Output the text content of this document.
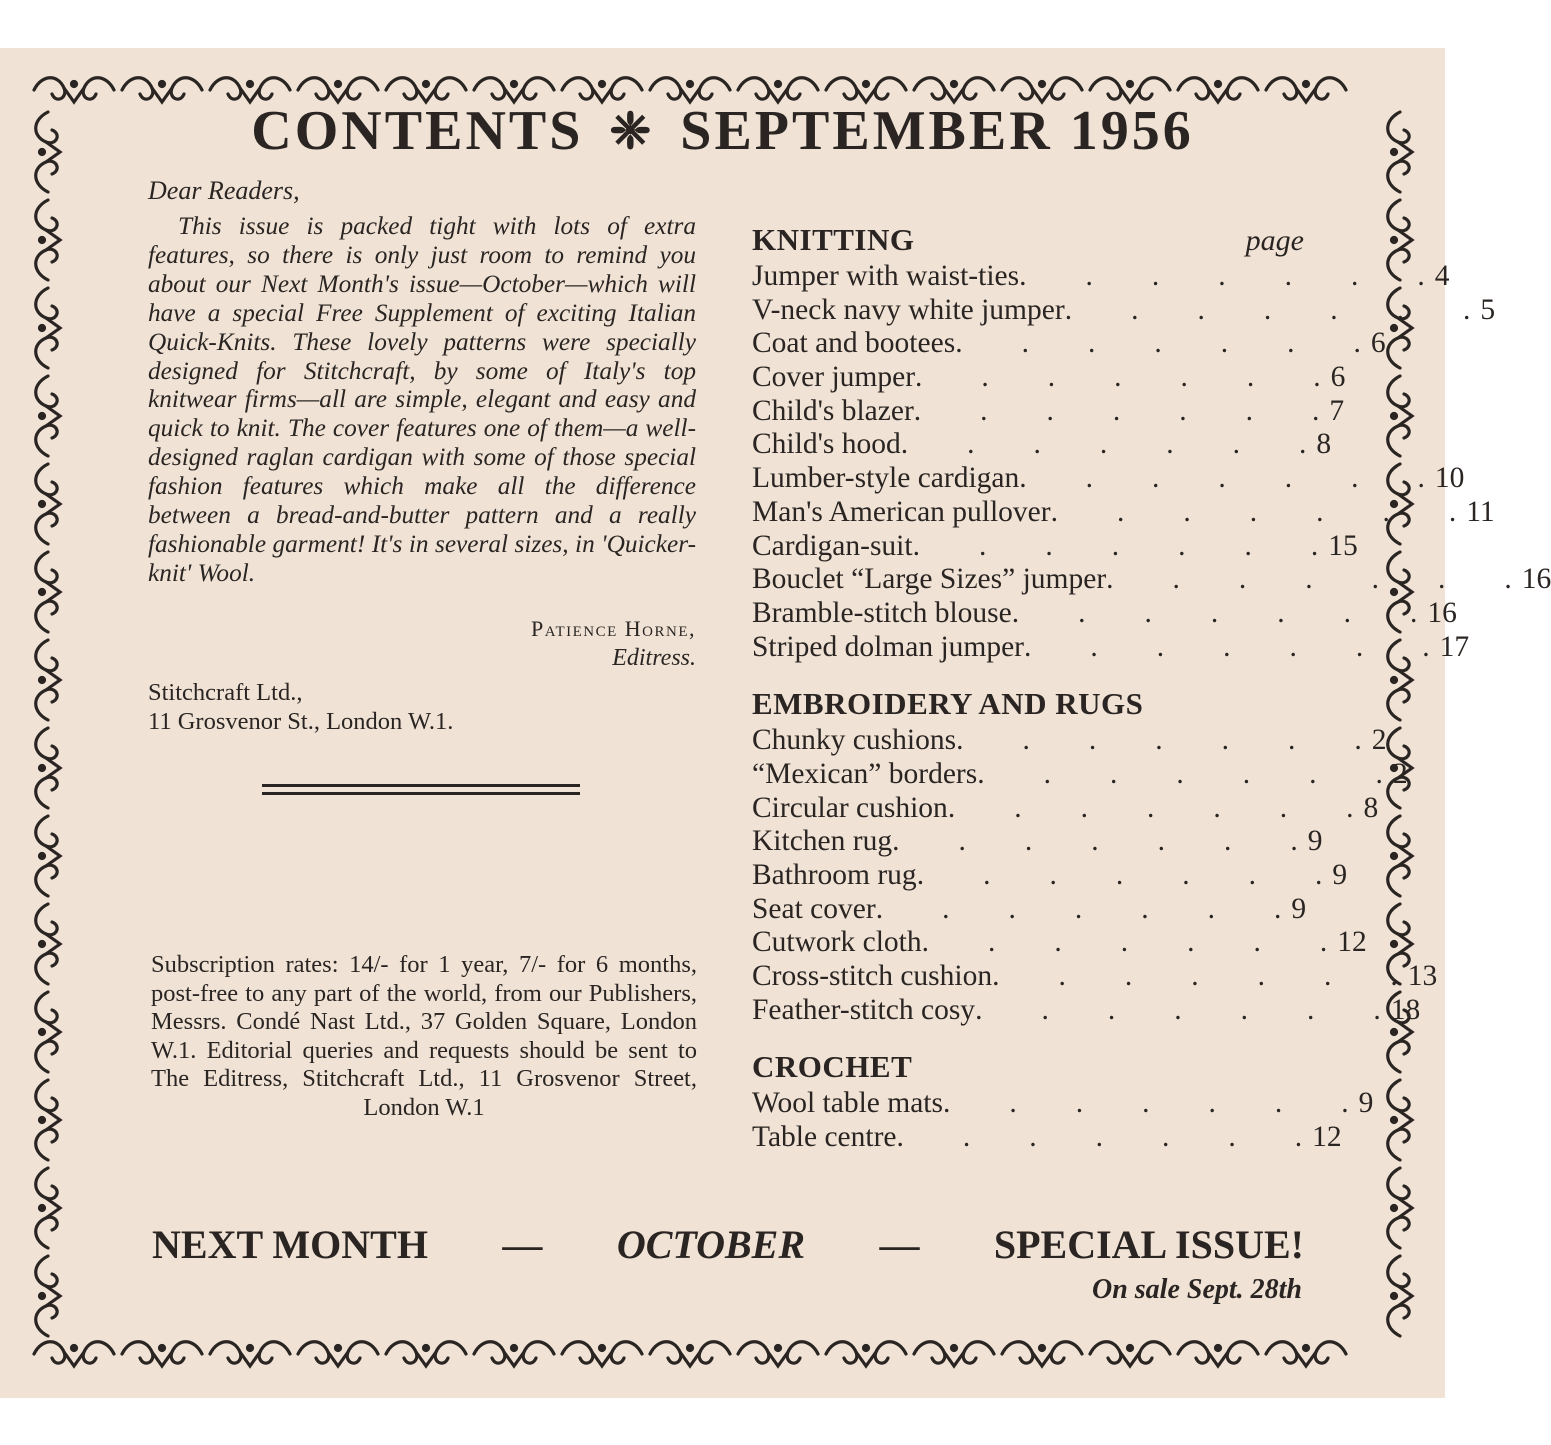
CONTENTS ❈ SEPTEMBER 1956
Dear Readers,

This issue is packed tight with lots of extra features, so there is only just room to remind you about our Next Month's issue—October—which will have a special Free Supplement of exciting Italian Quick-Knits. These lovely patterns were specially designed for Stitchcraft, by some of Italy's top knitwear firms—all are simple, elegant and easy and quick to knit. The cover features one of them—a well-designed raglan cardigan with some of those special fashion features which make all the difference between a bread-and-butter pattern and a really fashionable garment! It's in several sizes, in 'Quicker-knit' Wool.

Patience Horne,
Editress.
Stitchcraft Ltd.,
11 Grosvenor St., London W.1.
Subscription rates: 14/- for 1 year, 7/- for 6 months, post-free to any part of the world, from our Publishers, Messrs. Condé Nast Ltd., 37 Golden Square, London W.1. Editorial queries and requests should be sent to The Editress, Stitchcraft Ltd., 11 Grosvenor Street, London W.1
KNITTING	page
Jumper with waist-ties .  .  .  .  .  .  . 4
V-neck navy white jumper .  .  .  .  .  .  . 5
Coat and bootees .  .  .  .  .  .  . 6
Cover jumper .  .  .  .  .  .  . 6
Child's blazer .  .  .  .  .  .  . 7
Child's hood .  .  .  .  .  .  . 8
Lumber-style cardigan .  .  .  .  .  .  . 10
Man's American pullover .  .  .  .  .  .  . 11
Cardigan-suit .  .  .  .  .  .  . 15
Bouclet “Large Sizes” jumper .  .  .  .  .  .  . 16
Bramble-stitch blouse .  .  .  .  .  .  . 16
Striped dolman jumper .  .  .  .  .  .  . 17
EMBROIDERY AND RUGS
Chunky cushions .  .  .  .  .  .  . 2
“Mexican” borders .  .  .  .  .  .  . 2
Circular cushion .  .  .  .  .  .  . 8
Kitchen rug .  .  .  .  .  .  . 9
Bathroom rug .  .  .  .  .  .  . 9
Seat cover .  .  .  .  .  .  . 9
Cutwork cloth .  .  .  .  .  .  . 12
Cross-stitch cushion .  .  .  .  .  .  . 13
Feather-stitch cosy .  .  .  .  .  .  . 18
CROCHET
Wool table mats .  .  .  .  .  .  . 9
Table centre .  .  .  .  .  .  . 12
NEXT MONTH — OCTOBER — SPECIAL ISSUE!
On sale Sept. 28th
